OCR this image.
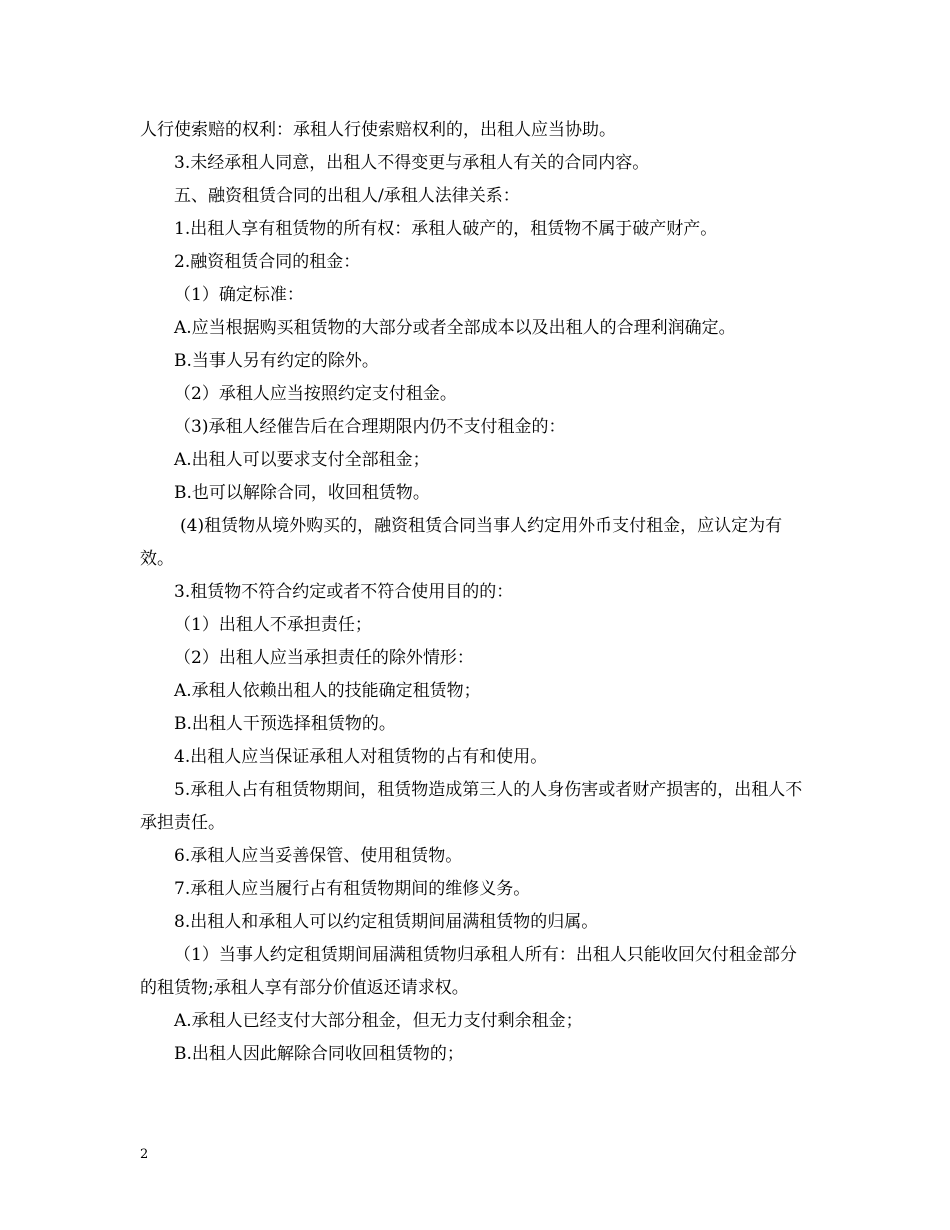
人行使索赔的权利：承租人行使索赔权利的，出租人应当协助。

3.未经承租人同意，出租人不得变更与承租人有关的合同内容。

五、融资租赁合同的出租人/承租人法律关系：

1.出租人享有租赁物的所有权：承租人破产的，租赁物不属于破产财产。

2.融资租赁合同的租金：

（1）确定标准：

A.应当根据购买租赁物的大部分或者全部成本以及出租人的合理利润确定。

B.当事人另有约定的除外。

（2）承租人应当按照约定支付租金。

（3)承租人经催告后在合理期限内仍不支付租金的：

A.出租人可以要求支付全部租金；

B.也可以解除合同，收回租赁物。

(4)租赁物从境外购买的，融资租赁合同当事人约定用外币支付租金，应认定为有效。

3.租赁物不符合约定或者不符合使用目的的：

（1）出租人不承担责任；

（2）出租人应当承担责任的除外情形：

A.承租人依赖出租人的技能确定租赁物；

B.出租人干预选择租赁物的。

4.出租人应当保证承租人对租赁物的占有和使用。

5.承租人占有租赁物期间，租赁物造成第三人的人身伤害或者财产损害的，出租人不承担责任。

6.承租人应当妥善保管、使用租赁物。

7.承租人应当履行占有租赁物期间的维修义务。

8.出租人和承租人可以约定租赁期间届满租赁物的归属。

（1）当事人约定租赁期间届满租赁物归承租人所有：出租人只能收回欠付租金部分的租赁物;承租人享有部分价值返还请求权。

A.承租人已经支付大部分租金，但无力支付剩余租金；

B.出租人因此解除合同收回租赁物的；

2
